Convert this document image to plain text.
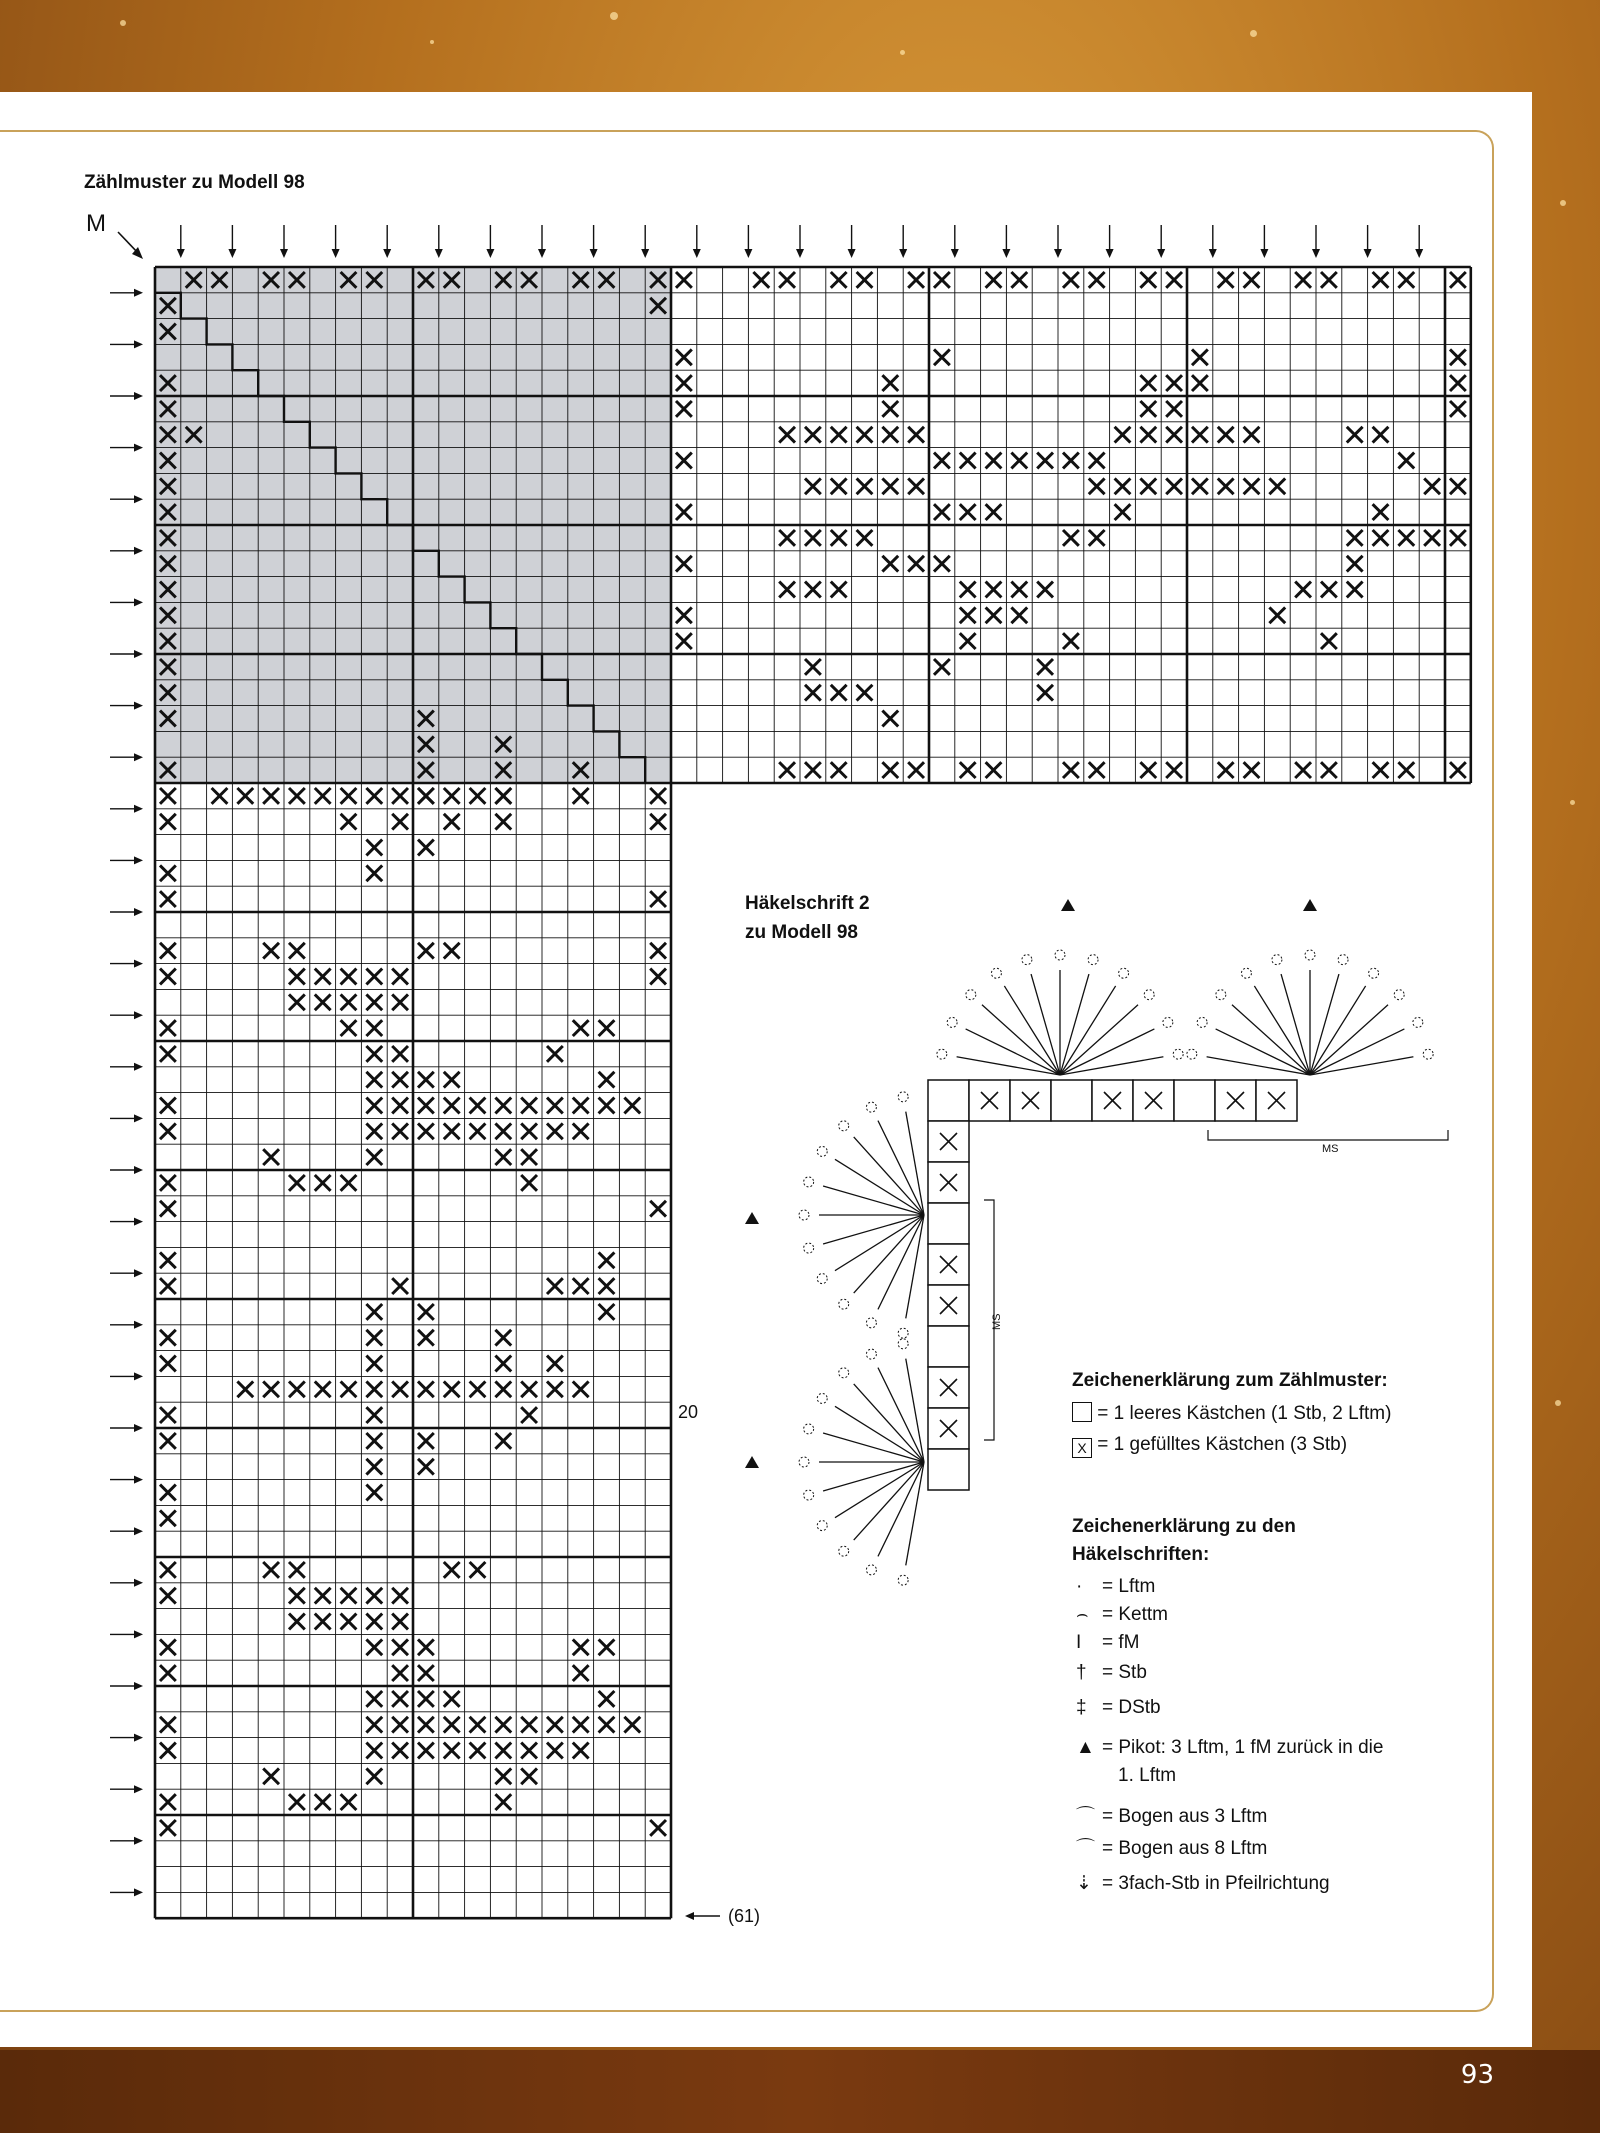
93
Zählmuster zu Modell 98
M
20
(61)
Häkelschrift 2
zu Modell 98
Zeichenerklärung zum Zählmuster:
= 1 leeres Kästchen (1 Stb, 2 Lftm)
X = 1 gefülltes Kästchen (3 Stb)
Zeichenerklärung zu den
Häkelschriften:
· = Lftm
⌢ = Kettm
I = fM
† = Stb
‡ = DStb
▲ = Pikot: 3 Lftm, 1 fM zurück in die
1. Lftm
⌒ = Bogen aus 3 Lftm
⌒ = Bogen aus 8 Lftm
⇣ = 3fach-Stb in Pfeilrichtung
MS
MS
